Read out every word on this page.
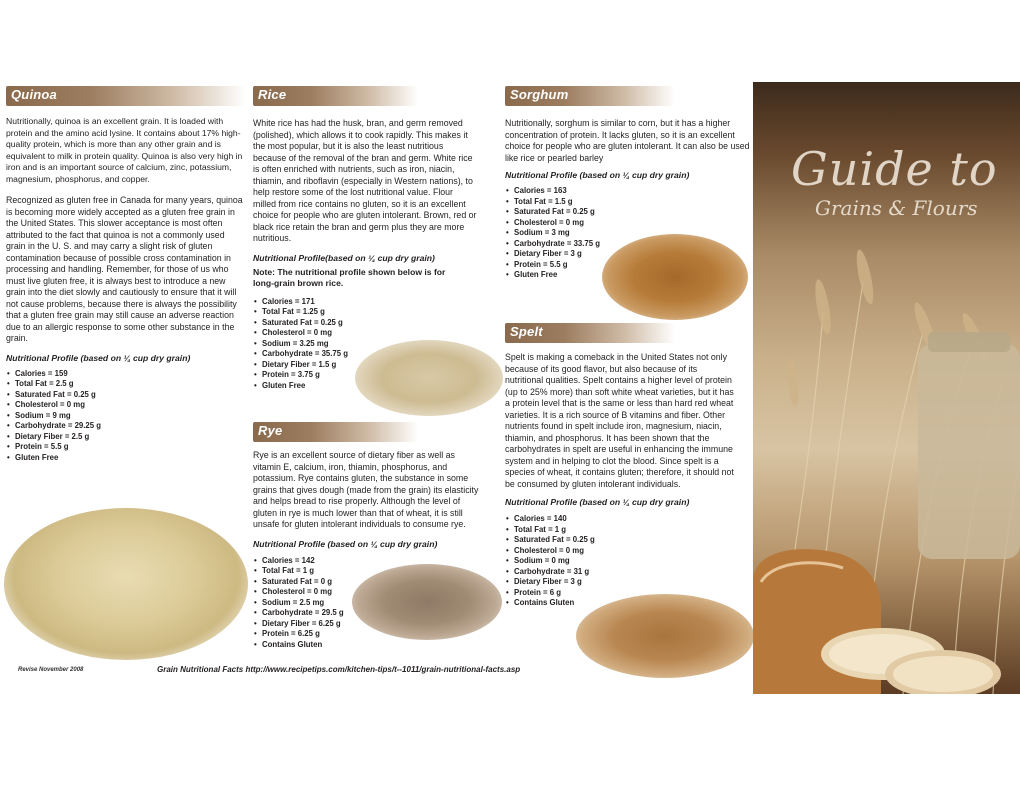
Quinoa

Nutritionally, quinoa is an excellent grain. It is loaded with protein and the amino acid lysine. It contains about 17% high-quality protein, which is more than any other grain and is equivalent to milk in protein quality. Quinoa is also very high in iron and is an important source of calcium, zinc, potassium, magnesium, phosphorus, and copper.

Recognized as gluten free in Canada for many years, quinoa is becoming more widely accepted as a gluten free grain in the United States. This slower acceptance is most often attributed to the fact that quinoa is not a commonly used grain in the U. S. and may carry a slight risk of gluten contamination because of possible cross contamination in processing and handling. Remember, for those of us who must live gluten free, it is always best to introduce a new grain into the diet slowly and cautiously to ensure that it will not cause problems, because there is always the possibility that a gluten free grain may still cause an adverse reaction due to an allergic response to some other substance in the grain.

Nutritional Profile (based on ¼ cup dry grain)

• Calories = 159
• Total Fat = 2.5 g
• Saturated Fat = 0.25 g
• Cholesterol = 0 mg
• Sodium = 9 mg
• Carbohydrate = 29.25 g
• Dietary Fiber = 2.5 g
• Protein = 5.5 g
• Gluten Free
Rice

White rice has had the husk, bran, and germ removed (polished), which allows it to cook rapidly. This makes it the most popular, but it is also the least nutritious because of the removal of the bran and germ. White rice is often enriched with nutrients, such as iron, niacin, thiamin, and riboflavin (especially in Western nations), to help restore some of the lost nutritional value. Flour milled from rice contains no gluten, so it is an excellent choice for people who are gluten intolerant. Brown, red or black rice retain the bran and germ plus they are more nutritious.

Nutritional Profile(based on ¼ cup dry grain)

Note: The nutritional profile shown below is for long-grain brown rice.

• Calories = 171
• Total Fat = 1.25 g
• Saturated Fat = 0.25 g
• Cholesterol = 0 mg
• Sodium = 3.25 mg
• Carbohydrate = 35.75 g
• Dietary Fiber = 1.5 g
• Protein = 3.75 g
• Gluten Free
Rye

Rye is an excellent source of dietary fiber as well as vitamin E, calcium, iron, thiamin, phosphorus, and potassium. Rye contains gluten, the substance in some grains that gives dough (made from the grain) its elasticity and helps bread to rise properly. Although the level of gluten in rye is much lower than that of wheat, it is still unsafe for gluten intolerant individuals to consume rye.

Nutritional Profile (based on ¼ cup dry grain)

• Calories = 142
• Total Fat = 1 g
• Saturated Fat = 0 g
• Cholesterol = 0 mg
• Sodium = 2.5 mg
• Carbohydrate = 29.5 g
• Dietary Fiber = 6.25 g
• Protein = 6.25 g
• Contains Gluten
Sorghum

Nutritionally, sorghum is similar to corn, but it has a higher concentration of protein. It lacks gluten, so it is an excellent choice for people who are gluten intolerant. It can also be used like rice or pearled barley

Nutritional Profile (based on ¼ cup dry grain)

• Calories = 163
• Total Fat = 1.5 g
• Saturated Fat = 0.25 g
• Cholesterol = 0 mg
• Sodium = 3 mg
• Carbohydrate = 33.75 g
• Dietary Fiber = 3 g
• Protein = 5.5 g
• Gluten Free
Spelt

Spelt is making a comeback in the United States not only because of its good flavor, but also because of its nutritional qualities. Spelt contains a higher level of protein (up to 25% more) than soft white wheat varieties, but it has a protein level that is the same or less than hard red wheat varieties. It is a rich source of B vitamins and fiber. Other nutrients found in spelt include iron, magnesium, niacin, thiamin, and phosphorus. It has been shown that the carbohydrates in spelt are useful in enhancing the immune system and in helping to clot the blood. Since spelt is a species of wheat, it contains gluten; therefore, it should not be consumed by gluten intolerant individuals.

Nutritional Profile (based on ¼ cup dry grain)

• Calories = 140
• Total Fat = 1 g
• Saturated Fat = 0.25 g
• Cholesterol = 0 mg
• Sodium = 0 mg
• Carbohydrate = 31 g
• Dietary Fiber = 3 g
• Protein = 6 g
• Contains Gluten
Guide to
Grains & Flours
Revise November 2008	Grain Nutritional Facts http://www.recipetips.com/kitchen-tips/t--1011/grain-nutritional-facts.asp
